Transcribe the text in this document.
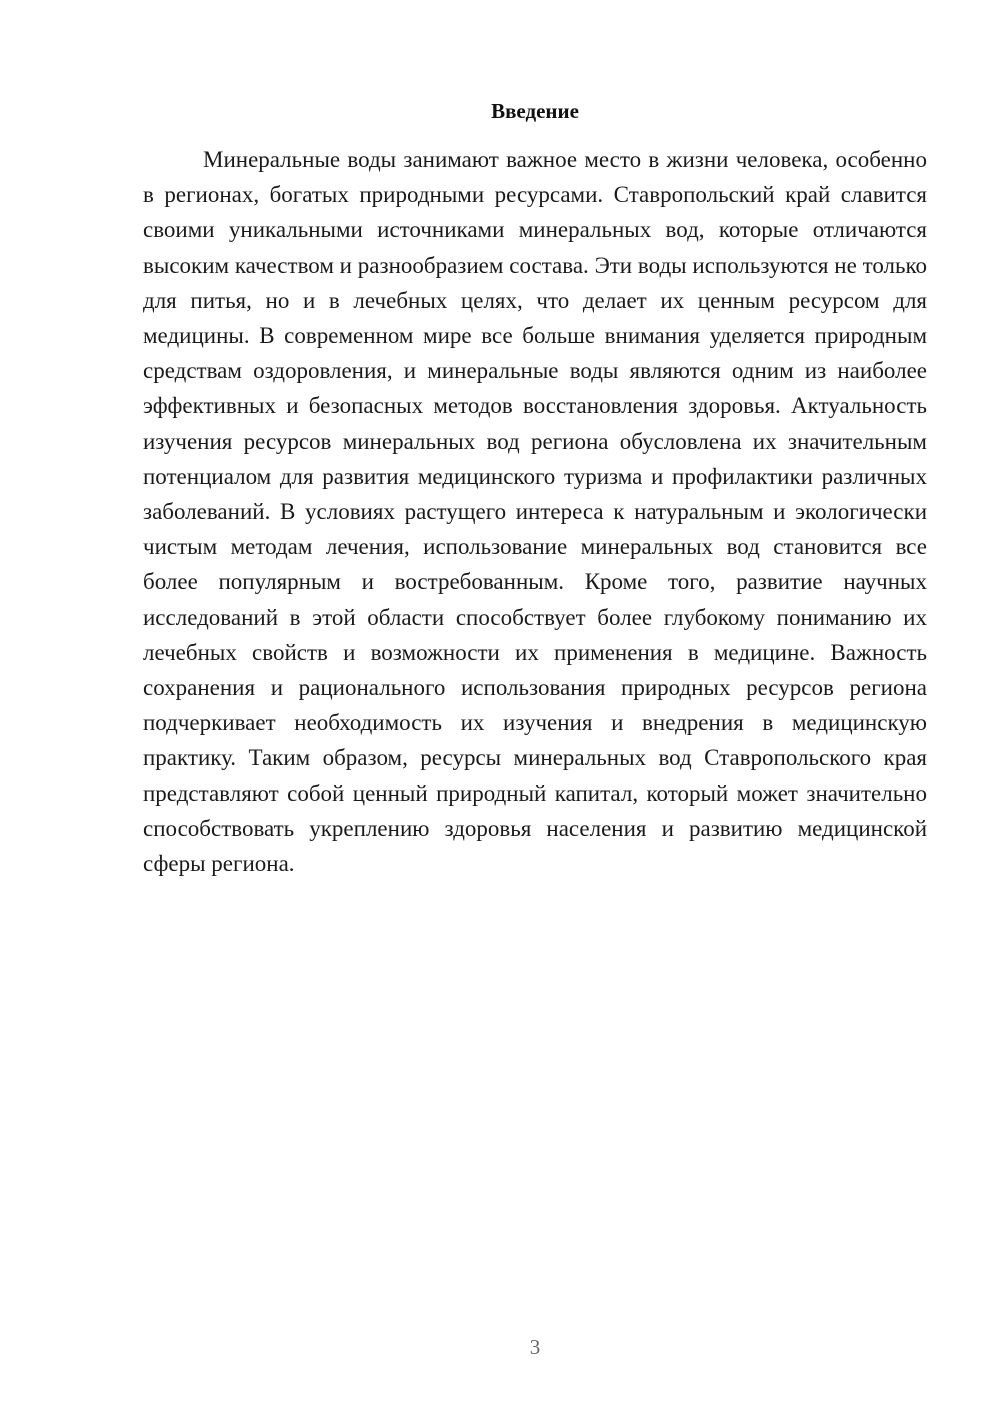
Введение

Минеральные воды занимают важное место в жизни человека, особенно в регионах, богатых природными ресурсами. Ставропольский край славится своими уникальными источниками минеральных вод, которые отличаются высоким качеством и разнообразием состава. Эти воды используются не только для питья, но и в лечебных целях, что делает их ценным ресурсом для медицины. В современном мире все больше внимания уделяется природным средствам оздоровления, и минеральные воды являются одним из наиболее эффективных и безопасных методов восстановления здоровья. Актуальность изучения ресурсов минеральных вод региона обусловлена их значительным потенциалом для развития медицинского туризма и профилактики различных заболеваний. В условиях растущего интереса к натуральным и экологически чистым методам лечения, использование минеральных вод становится все более популярным и востребованным. Кроме того, развитие научных исследований в этой области способствует более глубокому пониманию их лечебных свойств и возможности их применения в медицине. Важность сохранения и рационального использования природных ресурсов региона подчеркивает необходимость их изучения и внедрения в медицинскую практику. Таким образом, ресурсы минеральных вод Ставропольского края представляют собой ценный природный капитал, который может значительно способствовать укреплению здоровья населения и развитию медицинской сферы региона.

3
